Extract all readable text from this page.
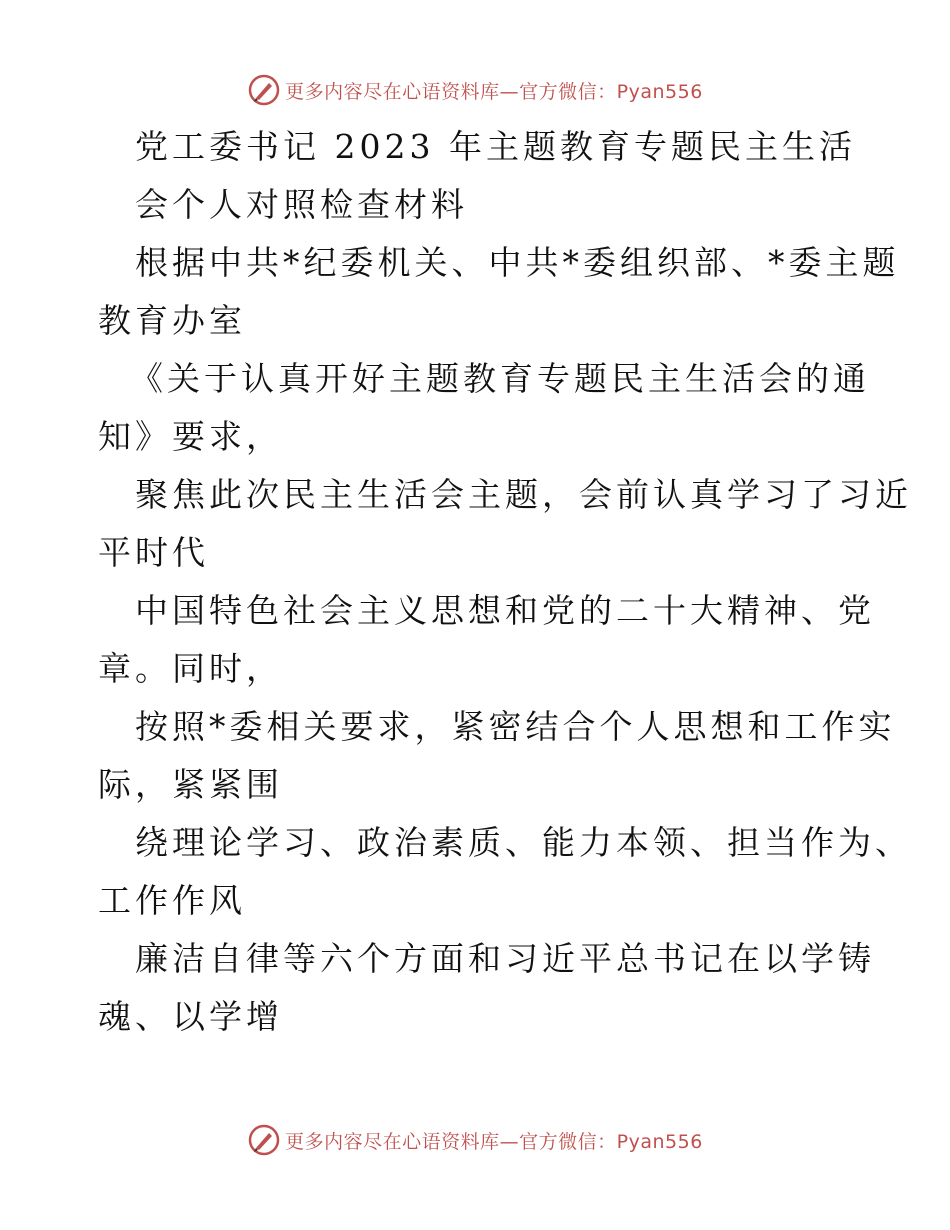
更多内容尽在心语资料库—官方微信：Pyan556
党工委书记 2023 年主题教育专题民主生活
会个人对照检查材料
根据中共*纪委机关、中共*委组织部、*委主题
教育办室
《关于认真开好主题教育专题民主生活会的通
知》要求，
聚焦此次民主生活会主题，会前认真学习了习近
平时代
中国特色社会主义思想和党的二十大精神、党
章。同时，
按照*委相关要求，紧密结合个人思想和工作实
际，紧紧围
绕理论学习、政治素质、能力本领、担当作为、
工作作风
廉洁自律等六个方面和习近平总书记在以学铸
魂、以学增
更多内容尽在心语资料库—官方微信：Pyan556
